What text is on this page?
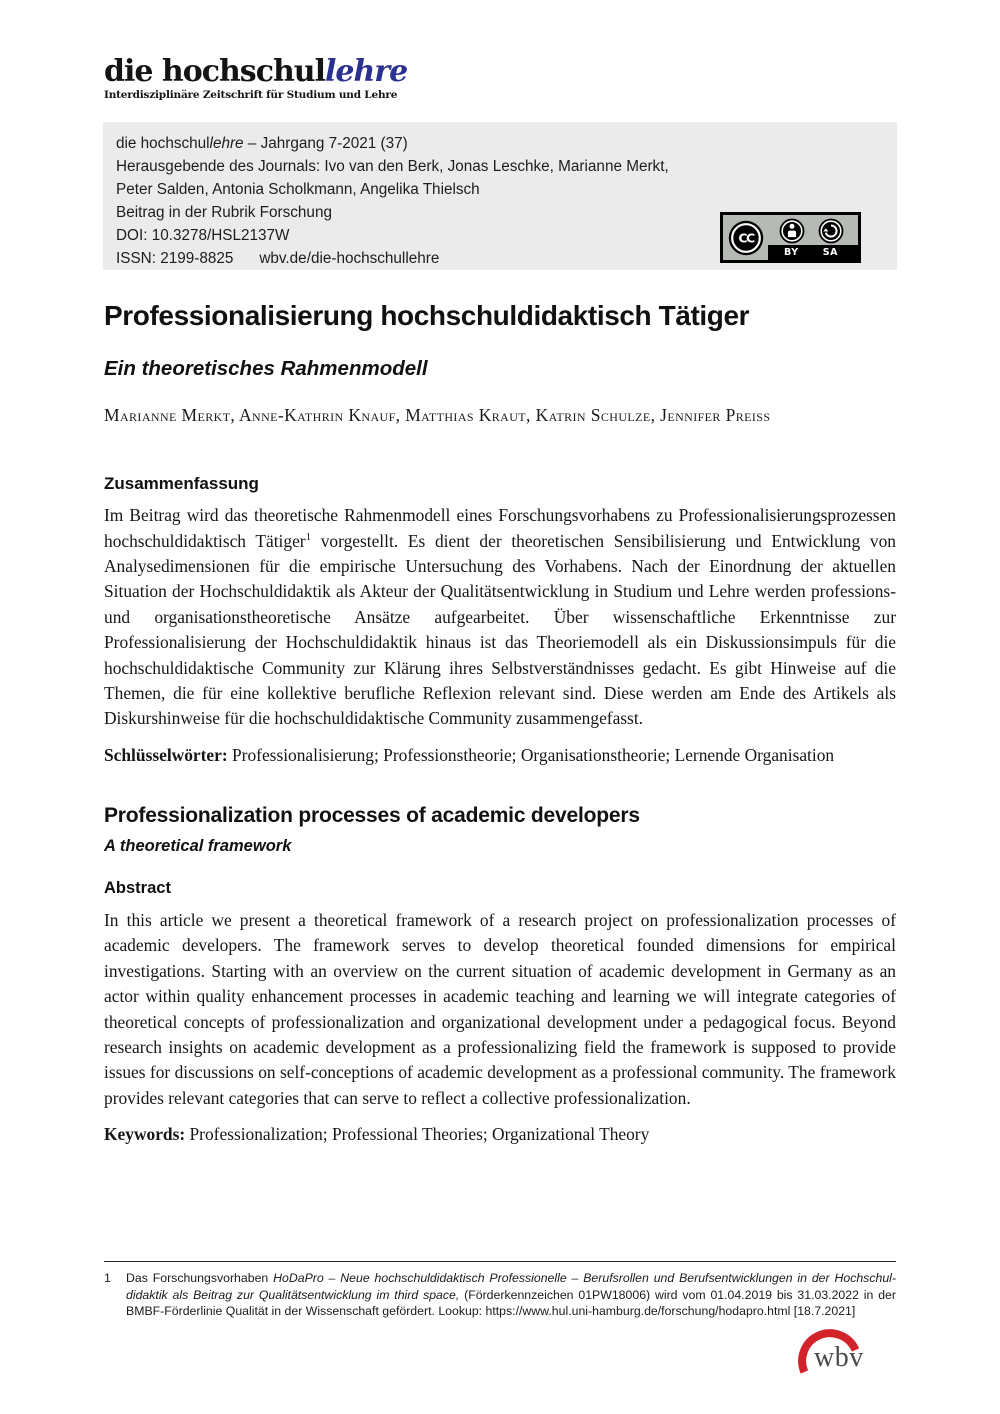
die hochschullehre
Interdisziplinäre Zeitschrift für Studium und Lehre
die hochschullehre – Jahrgang 7-2021 (37)
Herausgebende des Journals: Ivo van den Berk, Jonas Leschke, Marianne Merkt,
Peter Salden, Antonia Scholkmann, Angelika Thielsch
Beitrag in der Rubrik Forschung
DOI: 10.3278/HSL2137W
ISSN: 2199-8825 wbv.de/die-hochschullehre
CC
BY	SA
Professionalisierung hochschuldidaktisch Tätiger
Ein theoretisches Rahmenmodell
Marianne Merkt, Anne-Kathrin Knauf, Matthias Kraut, Katrin Schulze, Jennifer Preiss
Zusammenfassung

Im Beitrag wird das theoretische Rahmenmodell eines Forschungsvorhabens zu Professionalisierungsprozessen hochschuldidaktisch Tätiger$^1$ vorgestellt. Es dient der theoretischen Sensibilisierung und Entwicklung von Analysedimensionen für die empirische Untersuchung des Vorhabens. Nach der Einordnung der aktuellen Situation der Hochschuldidaktik als Akteur der Qualitätsentwicklung in Studium und Lehre werden professions- und organisationstheoretische Ansätze aufgearbeitet. Über wissenschaftliche Erkenntnisse zur Professionalisierung der Hochschuldidaktik hinaus ist das Theoriemodell als ein Diskussionsimpuls für die hochschuldidaktische Community zur Klärung ihres Selbstverständnisses gedacht. Es gibt Hinweise auf die Themen, die für eine kollektive berufliche Reflexion relevant sind. Diese werden am Ende des Artikels als Diskurshinweise für die hochschuldidaktische Community zusammengefasst.

Schlüsselwörter: Professionalisierung; Professionstheorie; Organisationstheorie; Lernende Organisation

Professionalization processes of academic developers
A theoretical framework
Abstract

In this article we present a theoretical framework of a research project on professionalization processes of academic developers. The framework serves to develop theoretical founded dimensions for empirical investigations. Starting with an overview on the current situation of academic development in Germany as an actor within quality enhancement processes in academic teaching and learning we will integrate categories of theoretical concepts of professionalization and organizational development under a pedagogical focus. Beyond research insights on academic development as a professionalizing field the framework is supposed to provide issues for discussions on self-conceptions of academic development as a professional community. The framework provides relevant categories that can serve to reflect a collective professionalization.

Keywords: Professionalization; Professional Theories; Organizational Theory

1	Das Forschungsvorhaben HoDaPro – Neue hochschuldidaktisch Professionelle – Berufsrollen und Berufsentwicklungen in der Hochschuldidaktik als Beitrag zur Qualitätsentwicklung im third space, (Förderkennzeichen 01PW18006) wird vom 01.04.2019 bis 31.03.2022 in der BMBF-Förderlinie Qualität in der Wissenschaft gefördert. Lookup: https://www.hul.uni-hamburg.de/forschung/hodapro.html [18.7.2021]
wbv
